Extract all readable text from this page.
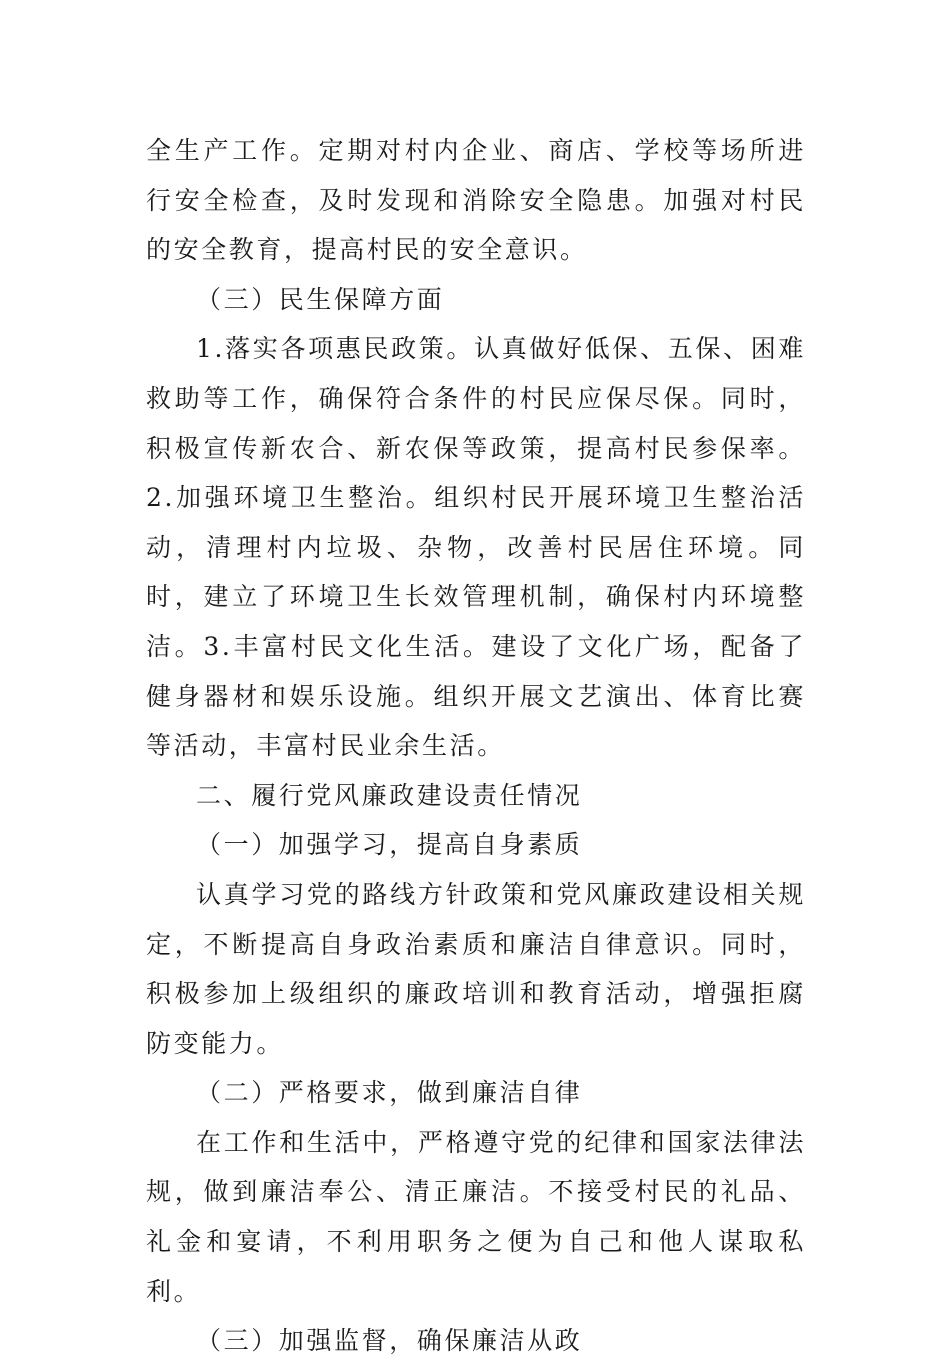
全生产工作。定期对村内企业、商店、学校等场所进行安全检查，及时发现和消除安全隐患。加强对村民的安全教育，提高村民的安全意识。

（三）民生保障方面

1.落实各项惠民政策。认真做好低保、五保、困难救助等工作，确保符合条件的村民应保尽保。同时，积极宣传新农合、新农保等政策，提高村民参保率。2.加强环境卫生整治。组织村民开展环境卫生整治活动，清理村内垃圾、杂物，改善村民居住环境。同时，建立了环境卫生长效管理机制，确保村内环境整洁。3.丰富村民文化生活。建设了文化广场，配备了健身器材和娱乐设施。组织开展文艺演出、体育比赛等活动，丰富村民业余生活。

二、履行党风廉政建设责任情况

（一）加强学习，提高自身素质

认真学习党的路线方针政策和党风廉政建设相关规定，不断提高自身政治素质和廉洁自律意识。同时，积极参加上级组织的廉政培训和教育活动，增强拒腐防变能力。

（二）严格要求，做到廉洁自律

在工作和生活中，严格遵守党的纪律和国家法律法规，做到廉洁奉公、清正廉洁。不接受村民的礼品、礼金和宴请，不利用职务之便为自己和他人谋取私利。

（三）加强监督，确保廉洁从政
